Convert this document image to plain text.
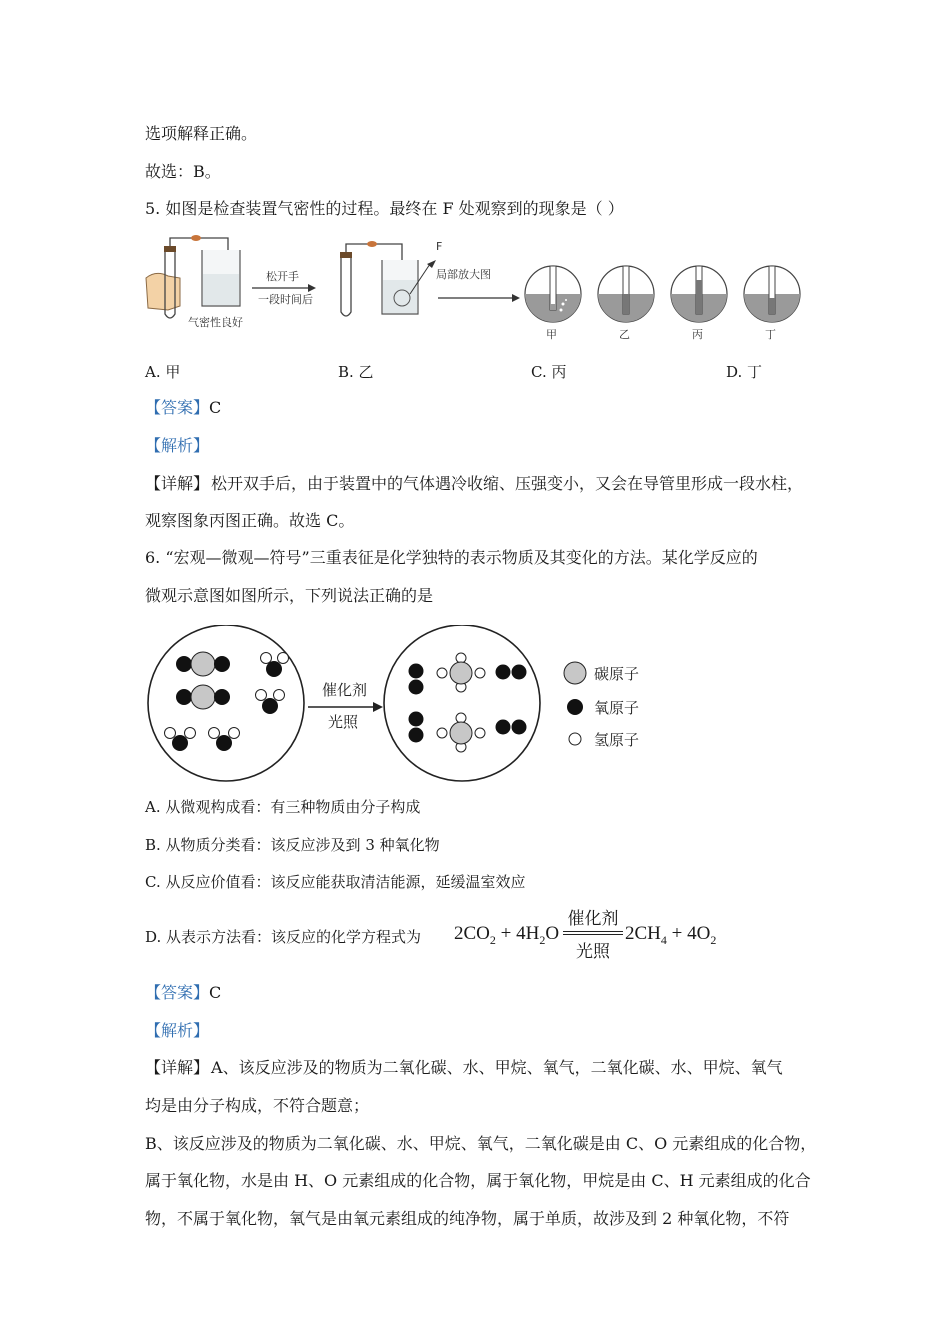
选项解释正确。
故选：B。
5. 如图是检查装置气密性的过程。最终在 F 处观察到的现象是（ ）
气密性良好
松开手
一段时间后
F
局部放大图
甲	乙	丙	丁
A. 甲	B. 乙	C. 丙	D. 丁
【答案】C
【解析】
【详解】 松开双手后，由于装置中的气体遇冷收缩、压强变小，又会在导管里形成一段水柱，
观察图象丙图正确。故选 C。
6. “宏观—微观—符号”三重表征是化学独特的表示物质及其变化的方法。某化学反应的
微观示意图如图所示，下列说法正确的是
催化剂
光照
碳原子
氧原子
氢原子
A. 从微观构成看：有三种物质由分子构成
B. 从物质分类看：该反应涉及到 3 种氧化物
C. 从反应价值看：该反应能获取清洁能源，延缓温室效应
D. 从表示方法看：该反应的化学方程式为 $2CO_2 + 4H_2O$
催化剂
光照
$2CH_4 + 4O_2$
【答案】C
【解析】
【详解】 A、该反应涉及的物质为二氧化碳、水、甲烷、氧气，二氧化碳、水、甲烷、氧气
均是由分子构成，不符合题意；
B、该反应涉及的物质为二氧化碳、水、甲烷、氧气，二氧化碳是由 C、O 元素组成的化合物，
属于氧化物，水是由 H、O 元素组成的化合物，属于氧化物，甲烷是由 C、H 元素组成的化合
物，不属于氧化物，氧气是由氧元素组成的纯净物，属于单质，故涉及到 2 种氧化物，不符
